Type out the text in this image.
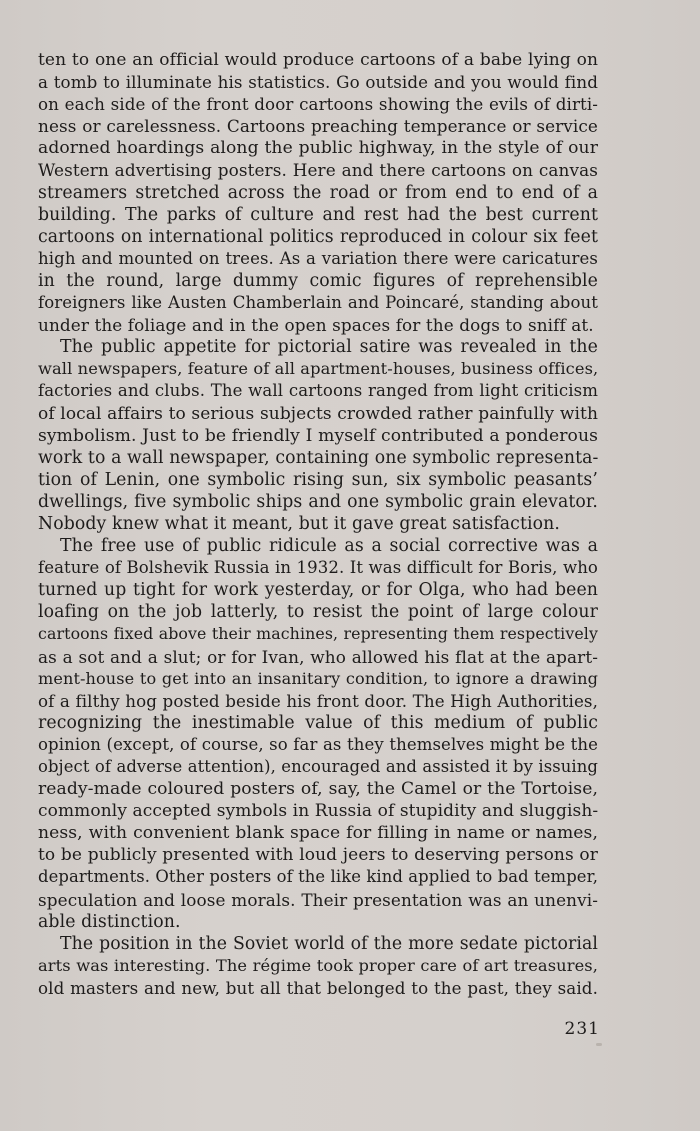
ten to one an official would produce cartoons of a babe lying on
a tomb to illuminate his statistics. Go outside and you would find
on each side of the front door cartoons showing the evils of dirti-
ness or carelessness. Cartoons preaching temperance or service
adorned hoardings along the public highway, in the style of our
Western advertising posters. Here and there cartoons on canvas
streamers stretched across the road or from end to end of a
building. The parks of culture and rest had the best current
cartoons on international politics reproduced in colour six feet
high and mounted on trees. As a variation there were caricatures
in the round, large dummy comic figures of reprehensible
foreigners like Austen Chamberlain and Poincaré, standing about
under the foliage and in the open spaces for the dogs to sniff at.
The public appetite for pictorial satire was revealed in the
wall newspapers, feature of all apartment-houses, business offices,
factories and clubs. The wall cartoons ranged from light criticism
of local affairs to serious subjects crowded rather painfully with
symbolism. Just to be friendly I myself contributed a ponderous
work to a wall newspaper, containing one symbolic representa-
tion of Lenin, one symbolic rising sun, six symbolic peasants’
dwellings, five symbolic ships and one symbolic grain elevator.
Nobody knew what it meant, but it gave great satisfaction.
The free use of public ridicule as a social corrective was a
feature of Bolshevik Russia in 1932. It was difficult for Boris, who
turned up tight for work yesterday, or for Olga, who had been
loafing on the job latterly, to resist the point of large colour
cartoons fixed above their machines, representing them respectively
as a sot and a slut; or for Ivan, who allowed his flat at the apart-
ment-house to get into an insanitary condition, to ignore a drawing
of a filthy hog posted beside his front door. The High Authorities,
recognizing the inestimable value of this medium of public
opinion (except, of course, so far as they themselves might be the
object of adverse attention), encouraged and assisted it by issuing
ready-made coloured posters of, say, the Camel or the Tortoise,
commonly accepted symbols in Russia of stupidity and sluggish-
ness, with convenient blank space for filling in name or names,
to be publicly presented with loud jeers to deserving persons or
departments. Other posters of the like kind applied to bad temper,
speculation and loose morals. Their presentation was an unenvi-
able distinction.
The position in the Soviet world of the more sedate pictorial
arts was interesting. The régime took proper care of art treasures,
old masters and new, but all that belonged to the past, they said.
231
